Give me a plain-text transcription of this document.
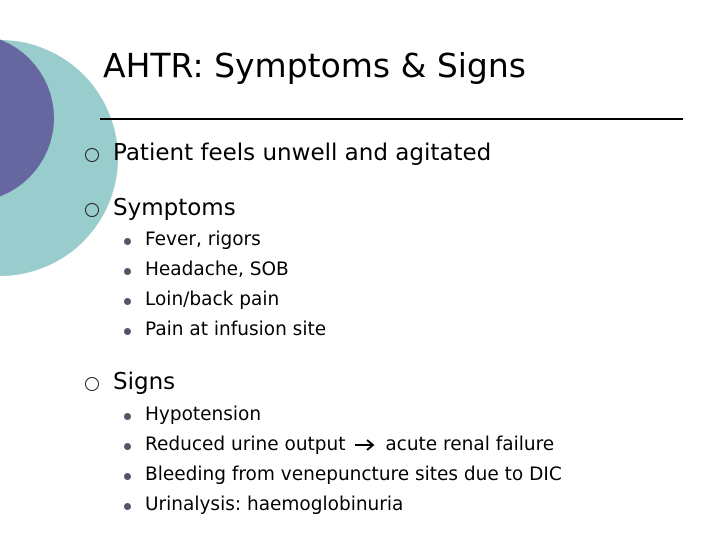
AHTR: Symptoms & Signs
Patient feels unwell and agitated
Symptoms
Fever, rigors
Headache, SOB
Loin/back pain
Pain at infusion site
Signs
Hypotension
Reduced urine output acute renal failure
Bleeding from venepuncture sites due to DIC
Urinalysis: haemoglobinuria
